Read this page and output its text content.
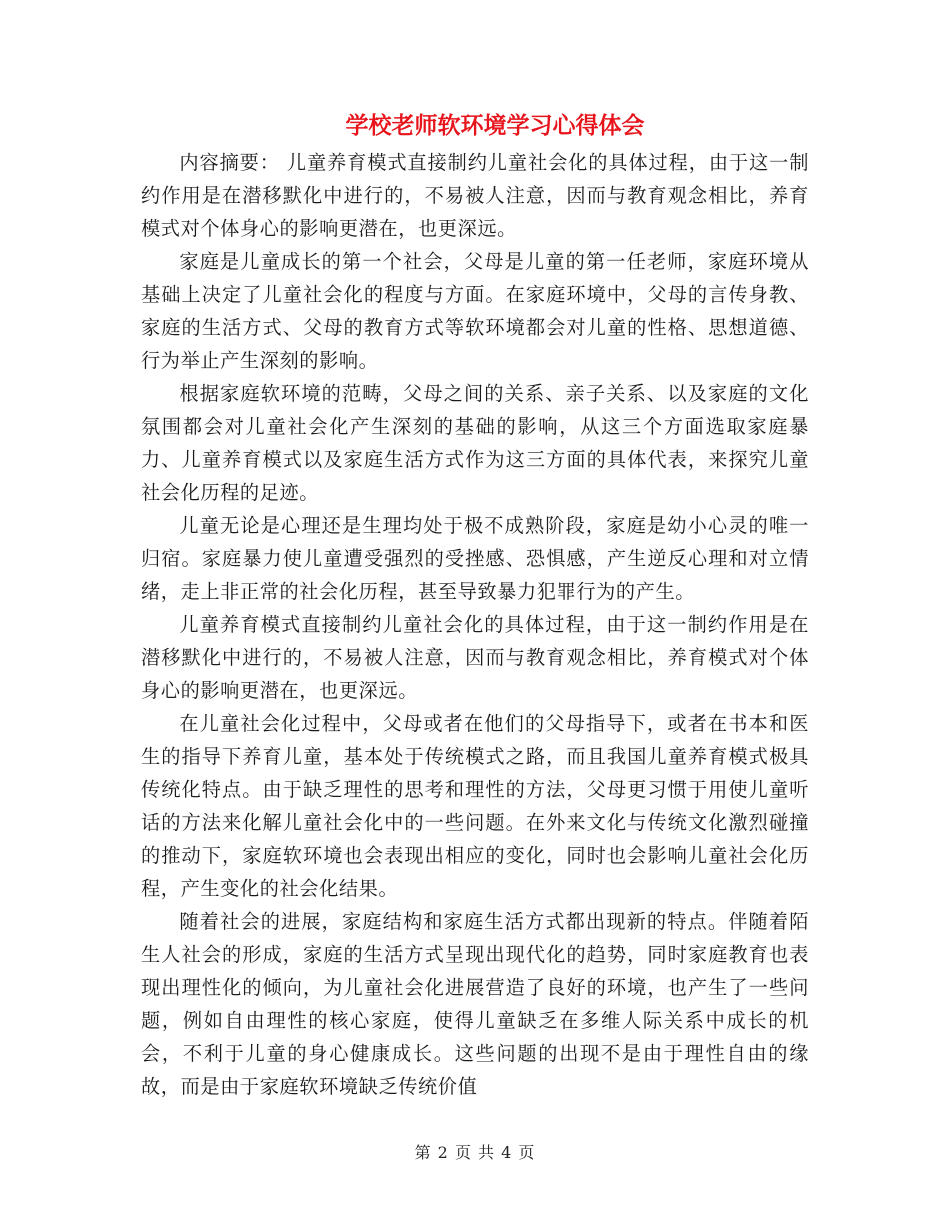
学校老师软环境学习心得体会

内容摘要： 儿童养育模式直接制约儿童社会化的具体过程，由于这一制约作用是在潜移默化中进行的，不易被人注意，因而与教育观念相比，养育模式对个体身心的影响更潜在，也更深远。

家庭是儿童成长的第一个社会，父母是儿童的第一任老师，家庭环境从基础上决定了儿童社会化的程度与方面。在家庭环境中，父母的言传身教、家庭的生活方式、父母的教育方式等软环境都会对儿童的性格、思想道德、行为举止产生深刻的影响。

根据家庭软环境的范畴，父母之间的关系、亲子关系、以及家庭的文化氛围都会对儿童社会化产生深刻的基础的影响，从这三个方面选取家庭暴力、儿童养育模式以及家庭生活方式作为这三方面的具体代表，来探究儿童社会化历程的足迹。

儿童无论是心理还是生理均处于极不成熟阶段，家庭是幼小心灵的唯一归宿。家庭暴力使儿童遭受强烈的受挫感、恐惧感，产生逆反心理和对立情绪，走上非正常的社会化历程，甚至导致暴力犯罪行为的产生。

儿童养育模式直接制约儿童社会化的具体过程，由于这一制约作用是在潜移默化中进行的，不易被人注意，因而与教育观念相比，养育模式对个体身心的影响更潜在，也更深远。

在儿童社会化过程中，父母或者在他们的父母指导下，或者在书本和医生的指导下养育儿童，基本处于传统模式之路，而且我国儿童养育模式极具传统化特点。由于缺乏理性的思考和理性的方法，父母更习惯于用使儿童听话的方法来化解儿童社会化中的一些问题。在外来文化与传统文化激烈碰撞的推动下，家庭软环境也会表现出相应的变化，同时也会影响儿童社会化历程，产生变化的社会化结果。

随着社会的进展，家庭结构和家庭生活方式都出现新的特点。伴随着陌生人社会的形成，家庭的生活方式呈现出现代化的趋势，同时家庭教育也表现出理性化的倾向，为儿童社会化进展营造了良好的环境，也产生了一些问题，例如自由理性的核心家庭，使得儿童缺乏在多维人际关系中成长的机会，不利于儿童的身心健康成长。这些问题的出现不是由于理性自由的缘故，而是由于家庭软环境缺乏传统价值

第 2 页 共 4 页
